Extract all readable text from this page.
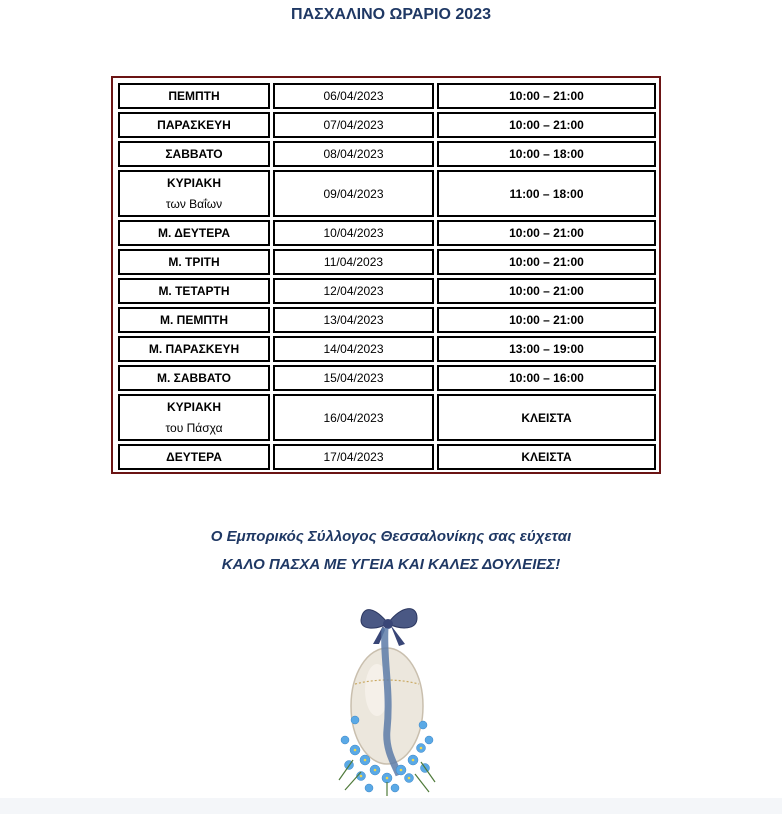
ΠΑΣΧΑΛΙΝΟ ΩΡΑΡΙΟ 2023
ΠΕΜΠΤΗ	06/04/2023	10:00 – 21:00

ΠΑΡΑΣΚΕΥΗ	07/04/2023	10:00 – 21:00

ΣΑΒΒΑΤΟ	08/04/2023	10:00 – 18:00

ΚΥΡΙΑΚΗ
των Βαΐων	09/04/2023	11:00 – 18:00

Μ. ΔΕΥΤΕΡΑ	10/04/2023	10:00 – 21:00

Μ. ΤΡΙΤΗ	11/04/2023	10:00 – 21:00

Μ. ΤΕΤΑΡΤΗ	12/04/2023	10:00 – 21:00

Μ. ΠΕΜΠΤΗ	13/04/2023	10:00 – 21:00

Μ. ΠΑΡΑΣΚΕΥΗ	14/04/2023	13:00 – 19:00

Μ. ΣΑΒΒΑΤΟ	15/04/2023	10:00 – 16:00

ΚΥΡΙΑΚΗ
του Πάσχα	16/04/2023	ΚΛΕΙΣΤΑ

ΔΕΥΤΕΡΑ	17/04/2023	ΚΛΕΙΣΤΑ
Ο Εμπορικός Σύλλογος Θεσσαλονίκης σας εύχεται
ΚΑΛΟ ΠΑΣΧΑ ΜΕ ΥΓΕΙΑ ΚΑΙ ΚΑΛΕΣ ΔΟΥΛΕΙΕΣ!
